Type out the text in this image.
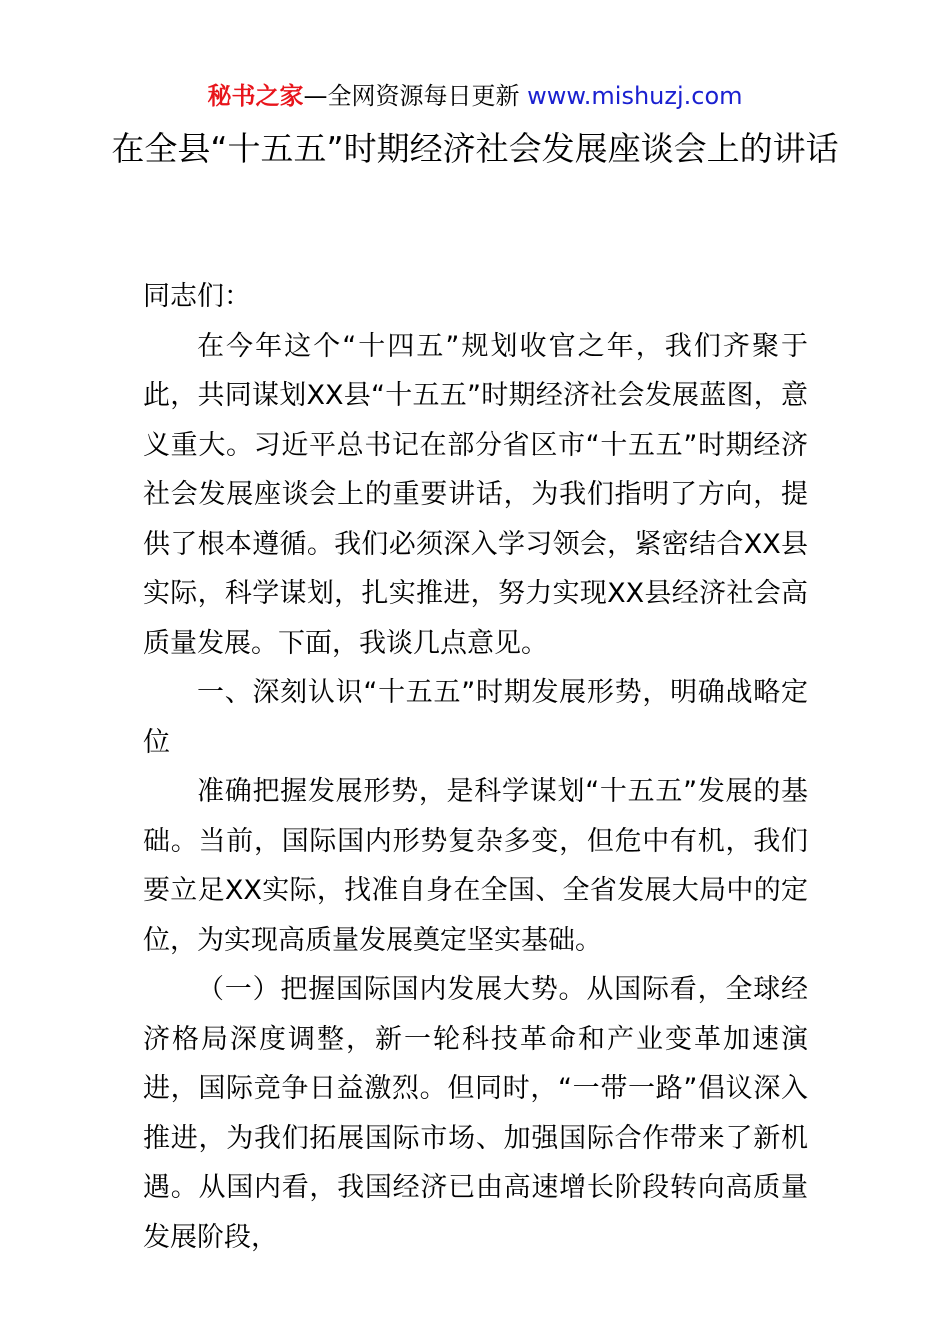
秘书之家—全网资源每日更新 www.mishuzj.com
在全县“十五五”时期经济社会发展座谈会上的讲话

同志们：

在今年这个“十四五”规划收官之年，我们齐聚于此，共同谋划XX县“十五五”时期经济社会发展蓝图，意义重大。习近平总书记在部分省区市“十五五”时期经济社会发展座谈会上的重要讲话，为我们指明了方向，提供了根本遵循。我们必须深入学习领会，紧密结合XX县实际，科学谋划，扎实推进，努力实现XX县经济社会高质量发展。下面，我谈几点意见。

一、深刻认识“十五五”时期发展形势，明确战略定位

准确把握发展形势，是科学谋划“十五五”发展的基础。当前，国际国内形势复杂多变，但危中有机，我们要立足XX实际，找准自身在全国、全省发展大局中的定位，为实现高质量发展奠定坚实基础。

（一）把握国际国内发展大势。从国际看，全球经济格局深度调整，新一轮科技革命和产业变革加速演进，国际竞争日益激烈。但同时，“一带一路”倡议深入推进，为我们拓展国际市场、加强国际合作带来了新机遇。从国内看，我国经济已由高速增长阶段转向高质量发展阶段，
